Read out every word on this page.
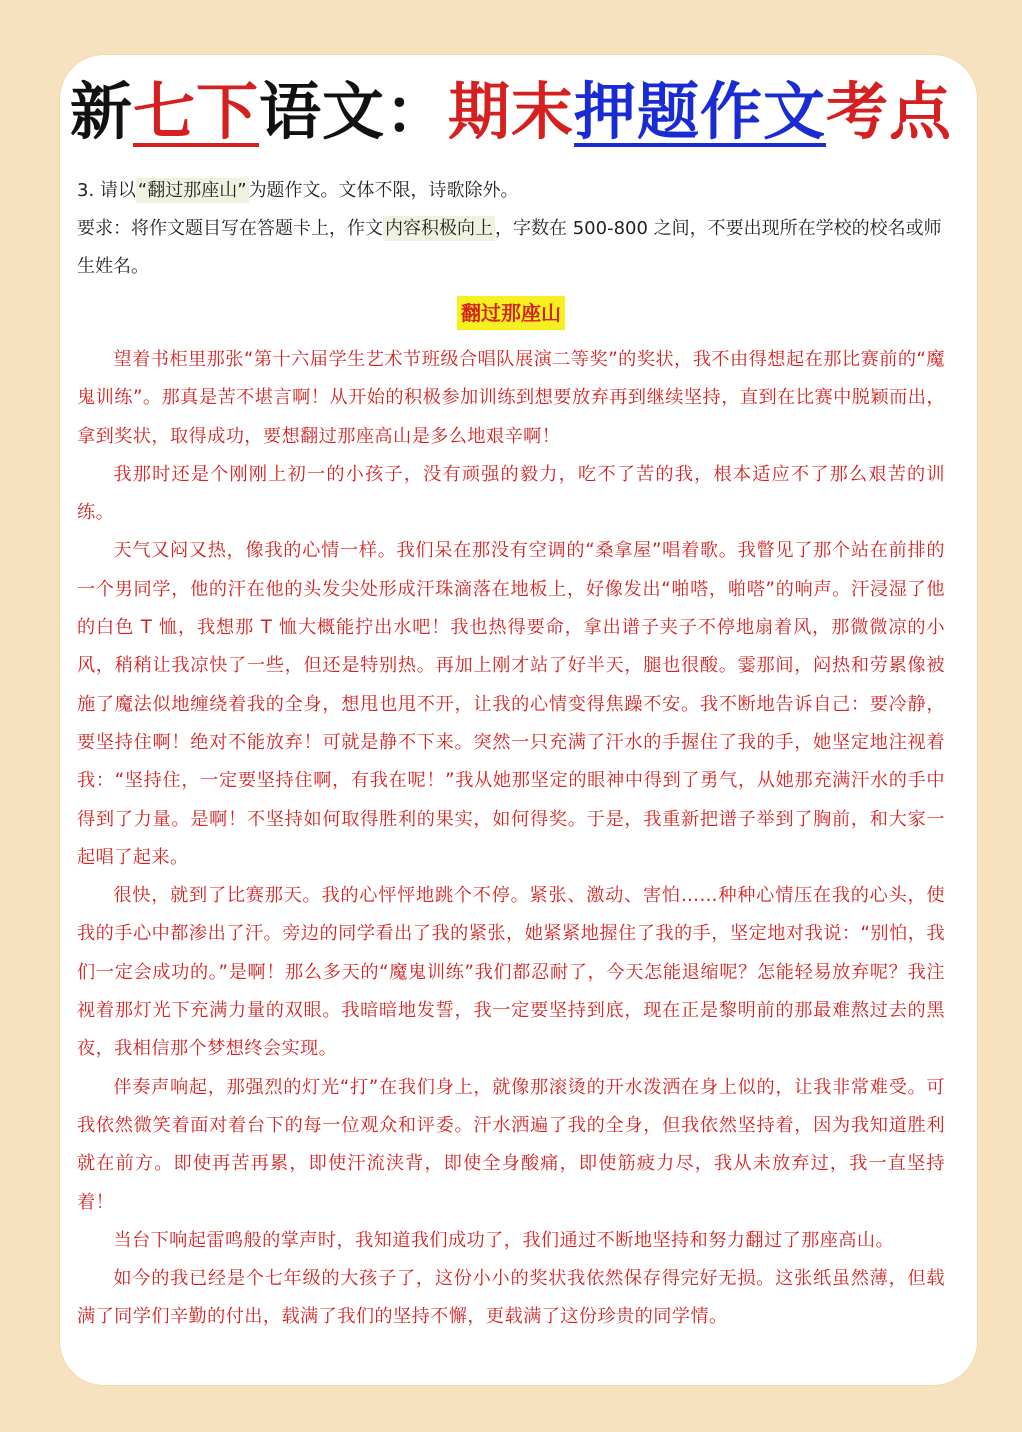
新七下语文：期末押题作文考点

3. 请以 “翻过那座山” 为题作文。文体不限，诗歌除外。

要求：将作文题目写在答题卡上，作文 内容积极向上 ，字数在 500-800 之间，不要出现所在学校的校名或师生姓名。

翻过那座山

望着书柜里那张“第十六届学生艺术节班级合唱队展演二等奖”的奖状，我不由得想起在那比赛前的“魔鬼训练”。那真是苦不堪言啊！从开始的积极参加训练到想要放弃再到继续坚持，直到在比赛中脱颖而出，拿到奖状，取得成功，要想翻过那座高山是多么地艰辛啊！

我那时还是个刚刚上初一的小孩子，没有顽强的毅力，吃不了苦的我，根本适应不了那么艰苦的训练。

天气又闷又热，像我的心情一样。我们呆在那没有空调的“桑拿屋”唱着歌。我瞥见了那个站在前排的一个男同学，他的汗在他的头发尖处形成汗珠滴落在地板上，好像发出“啪嗒，啪嗒”的响声。汗浸湿了他的白色 T 恤，我想那 T 恤大概能拧出水吧！我也热得要命，拿出谱子夹子不停地扇着风，那微微凉的小风，稍稍让我凉快了一些，但还是特别热。再加上刚才站了好半天，腿也很酸。霎那间，闷热和劳累像被施了魔法似地缠绕着我的全身，想甩也甩不开，让我的心情变得焦躁不安。我不断地告诉自己：要冷静，要坚持住啊！绝对不能放弃！可就是静不下来。突然一只充满了汗水的手握住了我的手，她坚定地注视着我：“坚持住，一定要坚持住啊，有我在呢！”我从她那坚定的眼神中得到了勇气，从她那充满汗水的手中得到了力量。是啊！不坚持如何取得胜利的果实，如何得奖。于是，我重新把谱子举到了胸前，和大家一起唱了起来。

很快，就到了比赛那天。我的心怦怦地跳个不停。紧张、激动、害怕……种种心情压在我的心头，使我的手心中都渗出了汗。旁边的同学看出了我的紧张，她紧紧地握住了我的手，坚定地对我说：“别怕，我们一定会成功的。”是啊！那么多天的“魔鬼训练”我们都忍耐了，今天怎能退缩呢？怎能轻易放弃呢？我注视着那灯光下充满力量的双眼。我暗暗地发誓，我一定要坚持到底，现在正是黎明前的那最难熬过去的黑夜，我相信那个梦想终会实现。

伴奏声响起，那强烈的灯光“打”在我们身上，就像那滚烫的开水泼洒在身上似的，让我非常难受。可我依然微笑着面对着台下的每一位观众和评委。汗水洒遍了我的全身，但我依然坚持着，因为我知道胜利就在前方。即使再苦再累，即使汗流浃背，即使全身酸痛，即使筋疲力尽，我从未放弃过，我一直坚持着！

当台下响起雷鸣般的掌声时，我知道我们成功了，我们通过不断地坚持和努力翻过了那座高山。

如今的我已经是个七年级的大孩子了，这份小小的奖状我依然保存得完好无损。这张纸虽然薄，但载满了同学们辛勤的付出，载满了我们的坚持不懈，更载满了这份珍贵的同学情。
